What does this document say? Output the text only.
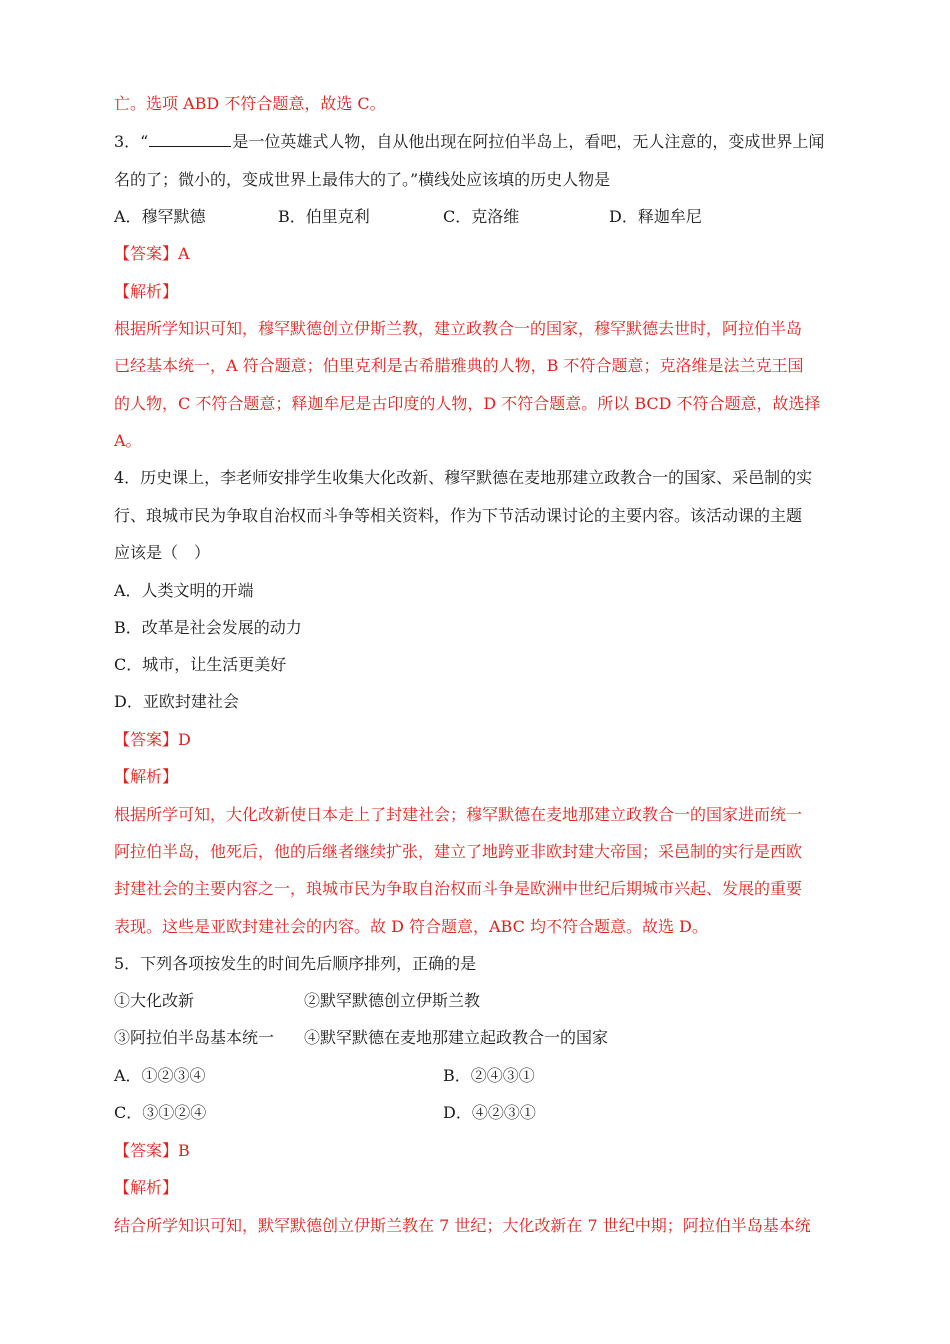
亡。选项 ABD 不符合题意，故选 C。
3．“	是一位英雄式人物，自从他出现在阿拉伯半岛上，看吧，无人注意的，变成世界上闻
名的了；微小的，变成世界上最伟大的了。”横线处应该填的历史人物是
A．穆罕默德	B．伯里克利	C．克洛维	D．释迦牟尼
【答案】A
【解析】
根据所学知识可知，穆罕默德创立伊斯兰教，建立政教合一的国家，穆罕默德去世时，阿拉伯半岛
已经基本统一，A 符合题意；伯里克利是古希腊雅典的人物，B 不符合题意；克洛维是法兰克王国
的人物，C 不符合题意；释迦牟尼是古印度的人物，D 不符合题意。所以 BCD 不符合题意，故选择
A。
4．历史课上，李老师安排学生收集大化改新、穆罕默德在麦地那建立政教合一的国家、采邑制的实
行、琅城市民为争取自治权而斗争等相关资料，作为下节活动课讨论的主要内容。该活动课的主题
应该是（　）
A．人类文明的开端
B．改革是社会发展的动力
C．城市，让生活更美好
D．亚欧封建社会
【答案】D
【解析】
根据所学可知，大化改新使日本走上了封建社会；穆罕默德在麦地那建立政教合一的国家进而统一
阿拉伯半岛，他死后，他的后继者继续扩张，建立了地跨亚非欧封建大帝国；采邑制的实行是西欧
封建社会的主要内容之一，琅城市民为争取自治权而斗争是欧洲中世纪后期城市兴起、发展的重要
表现。这些是亚欧封建社会的内容。故 D 符合题意，ABC 均不符合题意。故选 D。
5．下列各项按发生的时间先后顺序排列，正确的是
①大化改新	②默罕默德创立伊斯兰教
③阿拉伯半岛基本统一 ④默罕默德在麦地那建立起政教合一的国家
A．①②③④	B．②④③①
C．③①②④	D．④②③①
【答案】B
【解析】
结合所学知识可知，默罕默德创立伊斯兰教在 7 世纪；大化改新在 7 世纪中期；阿拉伯半岛基本统
